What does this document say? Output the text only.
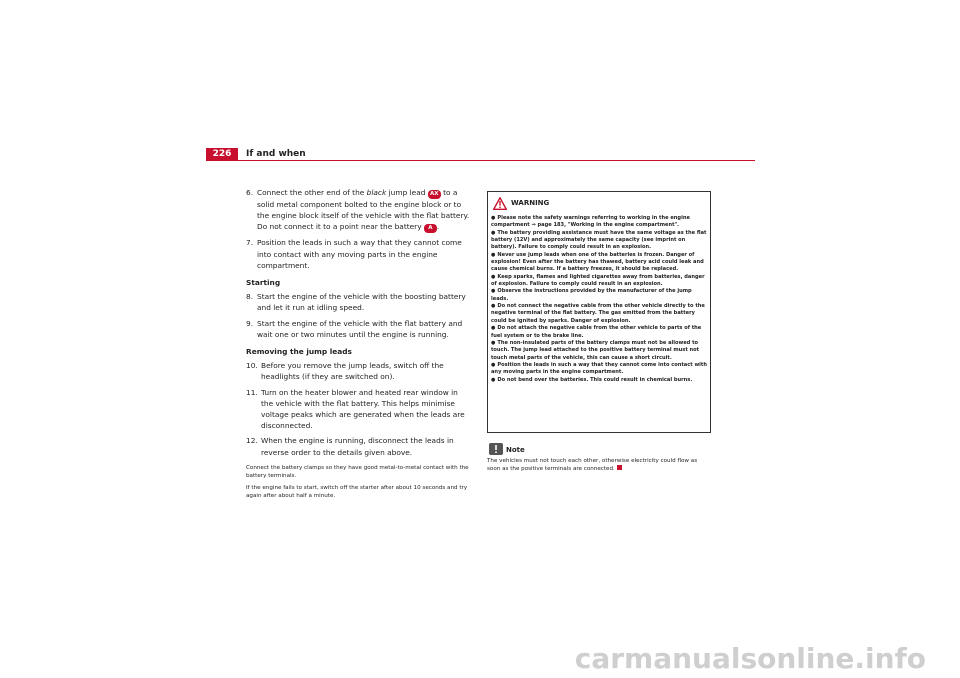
226	If and when
6. Connect the other end of the black jump lead AX to a solid metal component bolted to the engine block or to the engine block itself of the vehicle with the flat battery. Do not connect it to a point near the battery A .
7. Position the leads in such a way that they cannot come into contact with any moving parts in the engine compartment.
Starting
8. Start the engine of the vehicle with the boosting battery and let it run at idling speed.
9. Start the engine of the vehicle with the flat battery and wait one or two minutes until the engine is running.
Removing the jump leads
10. Before you remove the jump leads, switch off the headlights (if they are switched on).
11. Turn on the heater blower and heated rear window in the vehicle with the flat battery. This helps minimise voltage peaks which are generated when the leads are disconnected.
12. When the engine is running, disconnect the leads in reverse order to the details given above.

Connect the battery clamps so they have good metal-to-metal contact with the battery terminals.

If the engine fails to start, switch off the starter after about 10 seconds and try again after about half a minute.

WARNING
● Please note the safety warnings referring to working in the engine compartment ⇒ page 183, "Working in the engine compartment".
● The battery providing assistance must have the same voltage as the flat battery (12V) and approximately the same capacity (see imprint on battery). Failure to comply could result in an explosion.
● Never use jump leads when one of the batteries is frozen. Danger of explosion! Even after the battery has thawed, battery acid could leak and cause chemical burns. If a battery freezes, it should be replaced.
● Keep sparks, flames and lighted cigarettes away from batteries, danger of explosion. Failure to comply could result in an explosion.
● Observe the instructions provided by the manufacturer of the jump leads.
● Do not connect the negative cable from the other vehicle directly to the negative terminal of the flat battery. The gas emitted from the battery could be ignited by sparks. Danger of explosion.
● Do not attach the negative cable from the other vehicle to parts of the fuel system or to the brake line.
● The non-insulated parts of the battery clamps must not be allowed to touch. The jump lead attached to the positive battery terminal must not touch metal parts of the vehicle, this can cause a short circuit.
● Position the leads in such a way that they cannot come into contact with any moving parts in the engine compartment.
● Do not bend over the batteries. This could result in chemical burns.
Note
The vehicles must not touch each other, otherwise electricity could flow as soon as the positive terminals are connected.
carmanualsonline.info
